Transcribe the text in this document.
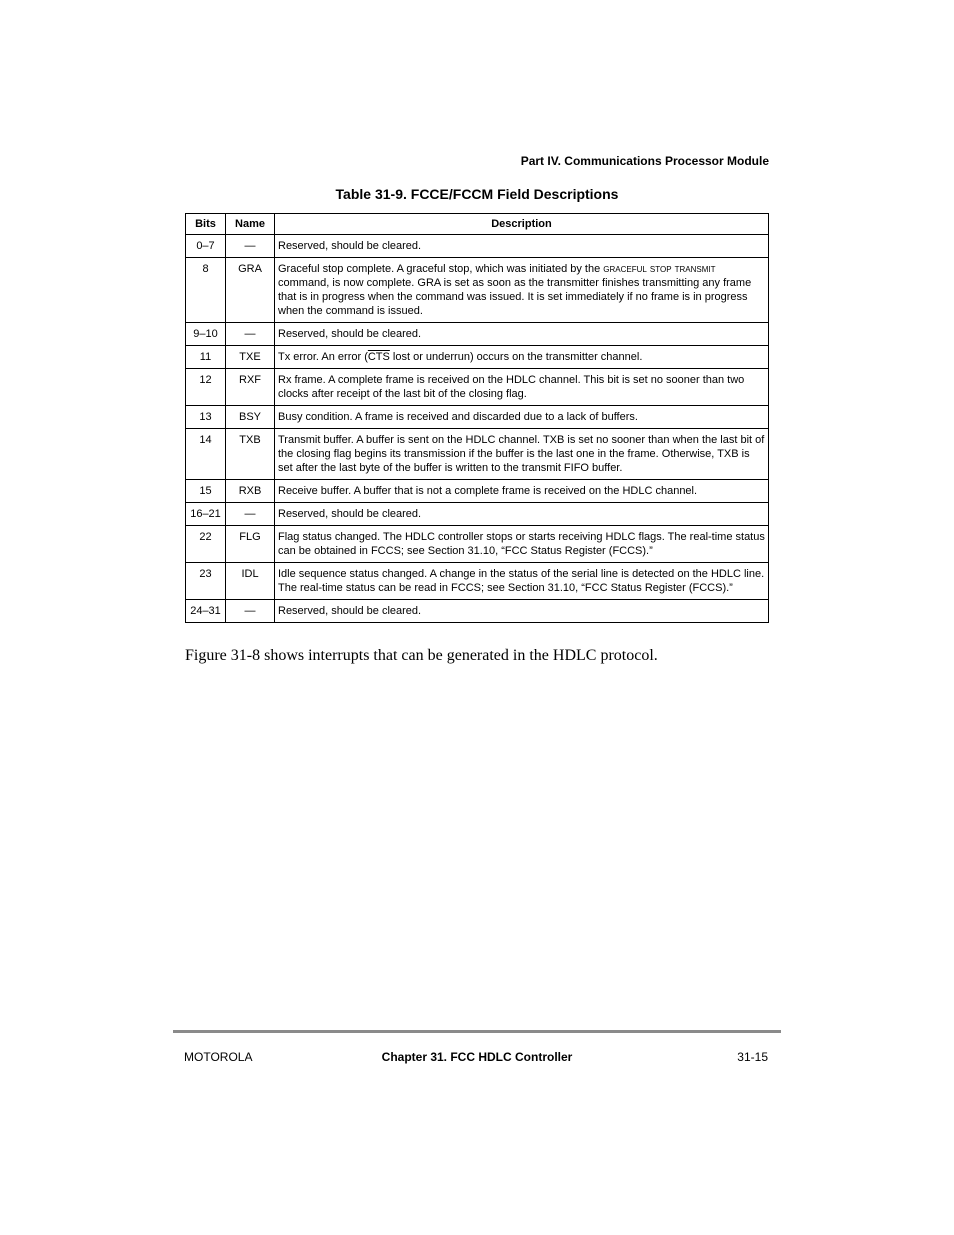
Part IV. Communications Processor Module
Table 31-9. FCCE/FCCM Field Descriptions
Bits	Name	Description
0–7	—	Reserved, should be cleared.
8	GRA	Graceful stop complete. A graceful stop, which was initiated by the graceful stop transmit command, is now complete. GRA is set as soon as the transmitter finishes transmitting any frame that is in progress when the command was issued. It is set immediately if no frame is in progress when the command is issued.
9–10	—	Reserved, should be cleared.
11	TXE	Tx error. An error ($\overline{CTS}$ lost or underrun) occurs on the transmitter channel.
12	RXF	Rx frame. A complete frame is received on the HDLC channel. This bit is set no sooner than two clocks after receipt of the last bit of the closing flag.
13	BSY	Busy condition. A frame is received and discarded due to a lack of buffers.
14	TXB	Transmit buffer. A buffer is sent on the HDLC channel. TXB is set no sooner than when the last bit of the closing flag begins its transmission if the buffer is the last one in the frame. Otherwise, TXB is set after the last byte of the buffer is written to the transmit FIFO buffer.
15	RXB	Receive buffer. A buffer that is not a complete frame is received on the HDLC channel.
16–21	—	Reserved, should be cleared.
22	FLG	Flag status changed. The HDLC controller stops or starts receiving HDLC flags. The real-time status can be obtained in FCCS; see Section 31.10, “FCC Status Register (FCCS).”
23	IDL	Idle sequence status changed. A change in the status of the serial line is detected on the HDLC line. The real-time status can be read in FCCS; see Section 31.10, “FCC Status Register (FCCS).”
24–31	—	Reserved, should be cleared.
Figure 31-8 shows interrupts that can be generated in the HDLC protocol.
MOTOROLA	Chapter 31. FCC HDLC Controller	31-15
